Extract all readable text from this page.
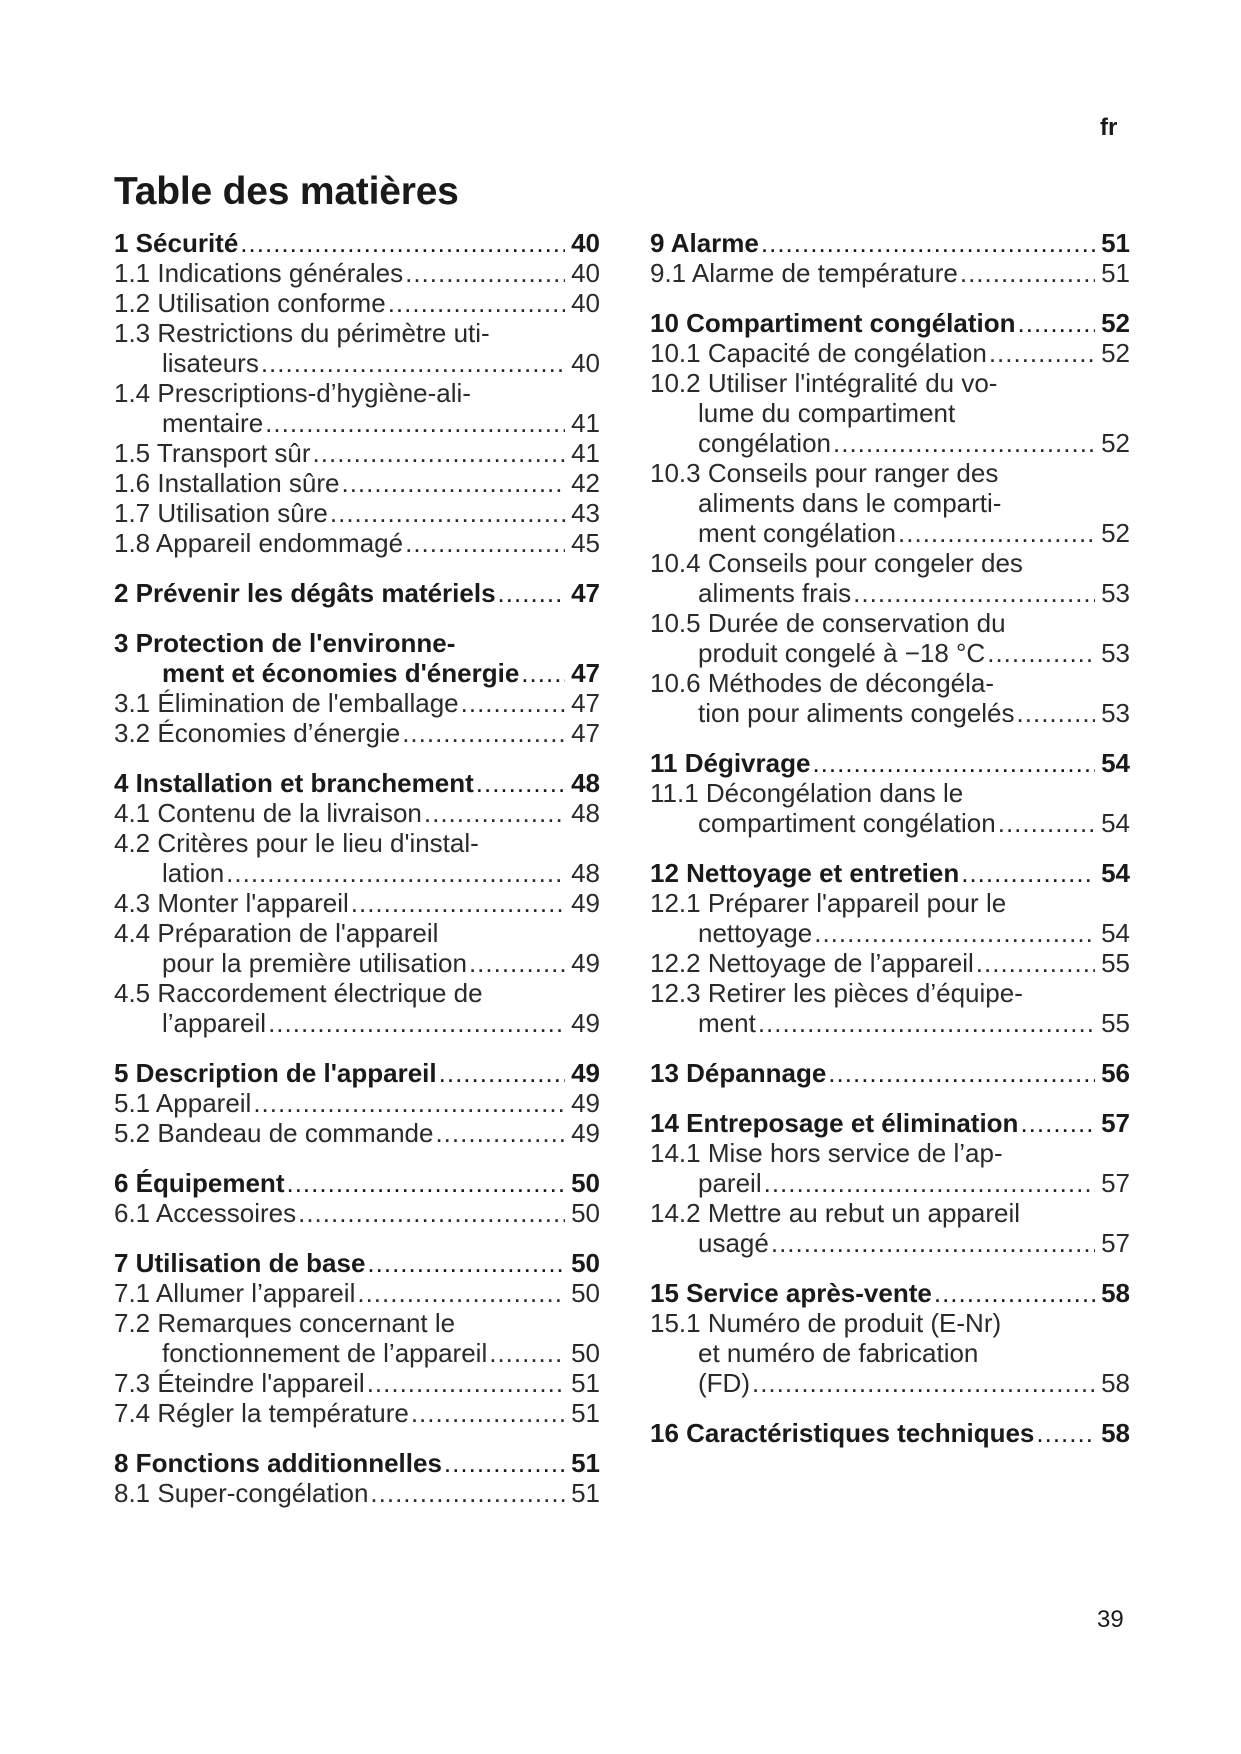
fr
Table des matières
1 Sécurité .....	40
1.1 Indications générales .....	40
1.2 Utilisation conforme .....	40
1.3 Restrictions du périmètre uti-
lisateurs .....	40
1.4 Prescriptions-d’hygiène-ali-
mentaire .....	41
1.5 Transport sûr .....	41
1.6 Installation sûre .....	42
1.7 Utilisation sûre .....	43
1.8 Appareil endommagé .....	45
2 Prévenir les dégâts matériels .....	47
3 Protection de l'environne-
ment et économies d'énergie ..... 47
3.1 Élimination de l'emballage .....	47
3.2 Économies d’énergie .....	47
4 Installation et branchement .....	48
4.1 Contenu de la livraison .....	48
4.2 Critères pour le lieu d'instal-
lation .....	48
4.3 Monter l'appareil .....	49
4.4 Préparation de l'appareil
pour la première utilisation .....	49
4.5 Raccordement électrique de
l’appareil .....	49
5 Description de l'appareil .....	49
5.1 Appareil .....	49
5.2 Bandeau de commande .....	49
6 Équipement .....	50
6.1 Accessoires .....	50
7 Utilisation de base .....	50
7.1 Allumer l’appareil .....	50
7.2 Remarques concernant le
fonctionnement de l’appareil .....	50
7.3 Éteindre l'appareil .....	51
7.4 Régler la température .....	51
8 Fonctions additionnelles .....	51
8.1 Super-congélation .....	51
9 Alarme .....	51
9.1 Alarme de température .....	51
10 Compartiment congélation .....	52
10.1 Capacité de congélation .....	52
10.2 Utiliser l'intégralité du vo-
lume du compartiment
congélation .....	52
10.3 Conseils pour ranger des
aliments dans le comparti-
ment congélation .....	52
10.4 Conseils pour congeler des
aliments frais .....	53
10.5 Durée de conservation du
produit congelé à −18 °C .....	53
10.6 Méthodes de décongéla-
tion pour aliments congelés .....	53
11 Dégivrage .....	54
11.1 Décongélation dans le
compartiment congélation .....	54
12 Nettoyage et entretien .....	54
12.1 Préparer l'appareil pour le
nettoyage .....	54
12.2 Nettoyage de l’appareil .....	55
12.3 Retirer les pièces d’équipe-
ment .....	55
13 Dépannage .....	56
14 Entreposage et élimination .....	57
14.1 Mise hors service de l’ap-
pareil .....	57
14.2 Mettre au rebut un appareil
usagé .....	57
15 Service après-vente .....	58
15.1 Numéro de produit (E-Nr)
et numéro de fabrication
(FD) .....	58
16 Caractéristiques techniques .....	58
39
